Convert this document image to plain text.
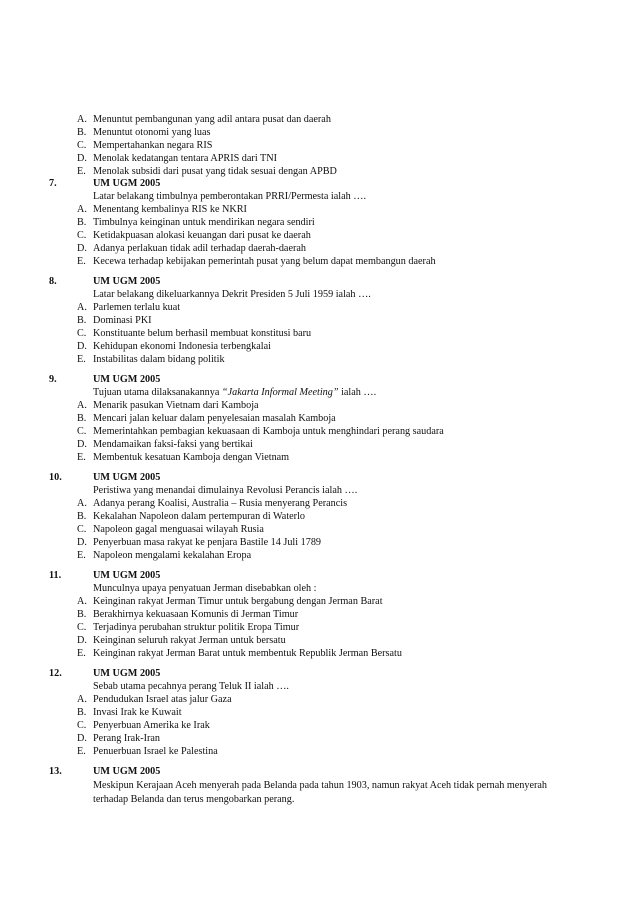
A. Menuntut pembangunan yang adil antara pusat dan daerah
B. Menuntut otonomi yang luas
C. Mempertahankan negara RIS
D. Menolak kedatangan tentara APRIS dari TNI
E. Menolak subsidi dari pusat yang tidak sesuai dengan APBD
7.	UM UGM 2005
Latar belakang timbulnya pemberontakan PRRI/Permesta ialah ….
A. Menentang kembalinya RIS ke NKRI
B. Timbulnya keinginan untuk mendirikan negara sendiri
C. Ketidakpuasan alokasi keuangan dari pusat ke daerah
D. Adanya perlakuan tidak adil terhadap daerah-daerah
E. Kecewa terhadap kebijakan pemerintah pusat yang belum dapat membangun daerah
8.	UM UGM 2005
Latar belakang dikeluarkannya Dekrit Presiden 5 Juli 1959 ialah ….
A. Parlemen terlalu kuat
B. Dominasi PKI
C. Konstituante belum berhasil membuat konstitusi baru
D. Kehidupan ekonomi Indonesia terbengkalai
E. Instabilitas dalam bidang politik
9.	UM UGM 2005
Tujuan utama dilaksanakannya “Jakarta Informal Meeting” ialah ….
A. Menarik pasukan Vietnam dari Kamboja
B. Mencari jalan keluar dalam penyelesaian masalah Kamboja
C. Memerintahkan pembagian kekuasaan di Kamboja untuk menghindari perang saudara
D. Mendamaikan faksi-faksi yang bertikai
E. Membentuk kesatuan Kamboja dengan Vietnam
10.	UM UGM 2005
Peristiwa yang menandai dimulainya Revolusi Perancis ialah ….
A. Adanya perang Koalisi, Australia – Rusia menyerang Perancis
B. Kekalahan Napoleon dalam pertempuran di Waterlo
C. Napoleon gagal menguasai wilayah Rusia
D. Penyerbuan masa rakyat ke penjara Bastile 14 Juli 1789
E. Napoleon mengalami kekalahan Eropa
11.	UM UGM 2005
Munculnya upaya penyatuan Jerman disebabkan oleh :
A. Keinginan rakyat Jerman Timur untuk bergabung dengan Jerman Barat
B. Berakhirnya kekuasaan Komunis di Jerman Timur
C. Terjadinya perubahan struktur politik Eropa Timur
D. Keinginan seluruh rakyat Jerman untuk bersatu
E. Keinginan rakyat Jerman Barat untuk membentuk Republik Jerman Bersatu
12.	UM UGM 2005
Sebab utama pecahnya perang Teluk II ialah ….
A. Pendudukan Israel atas jalur Gaza
B. Invasi Irak ke Kuwait
C. Penyerbuan Amerika ke Irak
D. Perang Irak-Iran
E. Penuerbuan Israel ke Palestina
13.	UM UGM 2005
Meskipun Kerajaan Aceh menyerah pada Belanda pada tahun 1903, namun rakyat Aceh tidak pernah menyerah terhadap Belanda dan terus mengobarkan perang.
